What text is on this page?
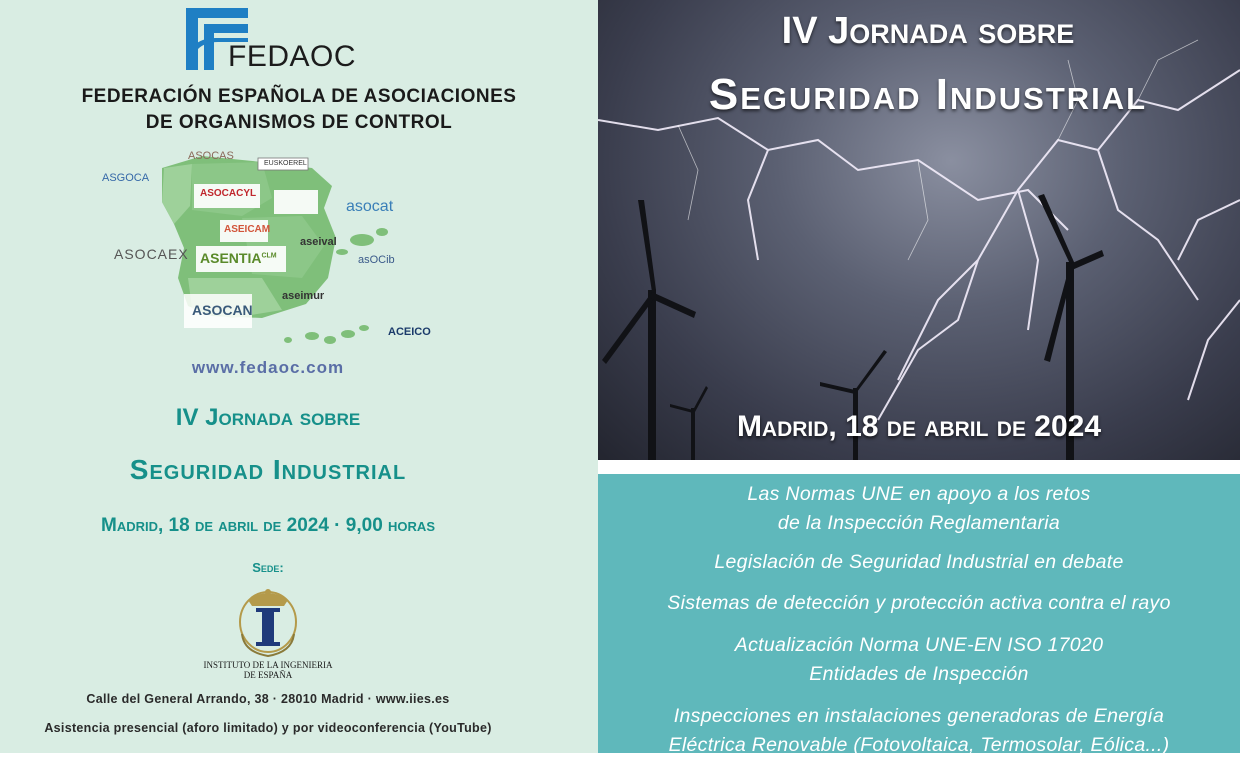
FEDAOC
FEDERACIÓN ESPAÑOLA DE ASOCIACIONES
DE ORGANISMOS DE CONTROL
ASOCAS
EUSKOEREL
ASGOCA
ASOCACYL
asocat
ASEICAM
aseival
ASOCAEX $ASENTIA^{CLM}$	asOCib
ASOCAN
aseimur
ACEICO
www.fedaoc.com
IV Jornada sobre
Seguridad Industrial
Madrid, 18 de abril de 2024 · 9,00 horas
Sede:
INSTITUTO DE LA INGENIERIA
DE ESPAÑA
Calle del General Arrando, 38 · 28010 Madrid · www.iies.es
Asistencia presencial (aforo limitado) y por videoconferencia (YouTube)
IV Jornada sobre
Seguridad Industrial
Madrid, 18 de abril de 2024
Las Normas UNE en apoyo a los retos
de la Inspección Reglamentaria
Legislación de Seguridad Industrial en debate
Sistemas de detección y protección activa contra el rayo
Actualización Norma UNE-EN ISO 17020
Entidades de Inspección
Inspecciones en instalaciones generadoras de Energía
Eléctrica Renovable (Fotovoltaica, Termosolar, Eólica...)
